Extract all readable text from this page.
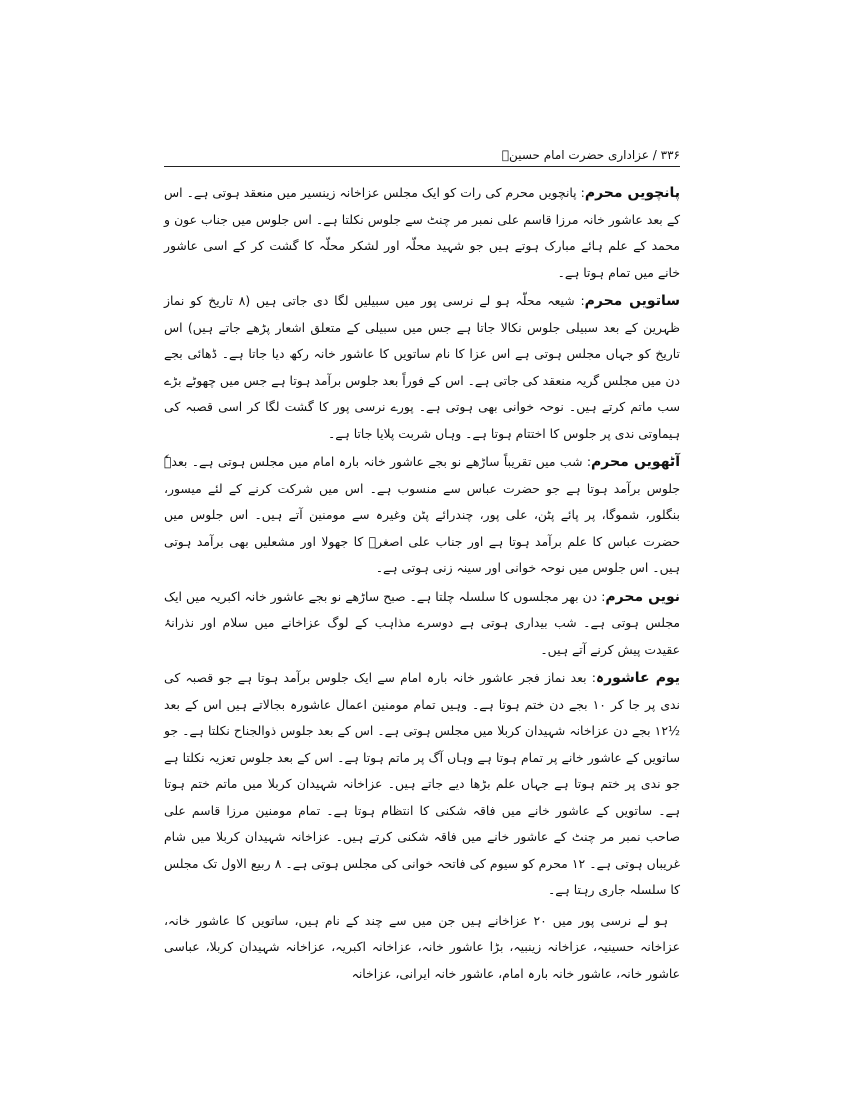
۳۳۶ / عزاداری حضرت امام حسینؑ

پانچویں محرم: پانچویں محرم کی رات کو ایک مجلس عزاخانہ زینسیر میں منعقد ہوتی ہے۔ اس کے بعد عاشور خانہ مرزا قاسم علی نمبر مر چنٹ سے جلوس نکلتا ہے۔ اس جلوس میں جناب عون و محمد کے علم ہائے مبارک ہوتے ہیں جو شہید محلّہ اور لشکر محلّہ کا گشت کر کے اسی عاشور خانے میں تمام ہوتا ہے۔

ساتویں محرم: شیعہ محلّہ ہو لے نرسی پور میں سبیلیں لگا دی جاتی ہیں (۸ تاریخ کو نماز ظہرین کے بعد سبیلی جلوس نکالا جاتا ہے جس میں سبیلی کے متعلق اشعار پڑھے جاتے ہیں) اس تاریخ کو جہاں مجلس ہوتی ہے اس عزا کا نام ساتویں کا عاشور خانہ رکھ دیا جاتا ہے۔ ڈھائی بجے دن میں مجلس گریہ منعقد کی جاتی ہے۔ اس کے فوراً بعد جلوس برآمد ہوتا ہے جس میں چھوٹے بڑے سب ماتم کرتے ہیں۔ نوحہ خوانی بھی ہوتی ہے۔ پورے نرسی پور کا گشت لگا کر اسی قصبہ کی ہیماوتی ندی پر جلوس کا اختتام ہوتا ہے۔ وہاں شربت پلایا جاتا ہے۔

آٹھویں محرم: شب میں تقریباً ساڑھے نو بجے عاشور خانہ بارہ امام میں مجلس ہوتی ہے۔ بعدہٗ جلوس برآمد ہوتا ہے جو حضرت عباس سے منسوب ہے۔ اس میں شرکت کرنے کے لئے میسور، بنگلور، شموگا، پر پائے پٹن، علی پور، چندرائے پٹن وغیرہ سے مومنین آتے ہیں۔ اس جلوس میں حضرت عباس کا علم برآمد ہوتا ہے اور جناب علی اصغرؑ کا جھولا اور مشعلیں بھی برآمد ہوتی ہیں۔ اس جلوس میں نوحہ خوانی اور سینہ زنی ہوتی ہے۔

نویں محرم: دن بھر مجلسوں کا سلسلہ چلتا ہے۔ صبح ساڑھے نو بجے عاشور خانہ اکبریہ میں ایک مجلس ہوتی ہے۔ شب بیداری ہوتی ہے دوسرے مذاہب کے لوگ عزاخانے میں سلام اور نذرانۂ عقیدت پیش کرنے آتے ہیں۔

یوم عاشورہ: بعد نماز فجر عاشور خانہ بارہ امام سے ایک جلوس برآمد ہوتا ہے جو قصبہ کی ندی پر جا کر ۱۰ بجے دن ختم ہوتا ہے۔ وہیں تمام مومنین اعمال عاشورہ بجالاتے ہیں اس کے بعد ½۱۲ بجے دن عزاخانہ شہیدان کربلا میں مجلس ہوتی ہے۔ اس کے بعد جلوس ذوالجناح نکلتا ہے۔ جو ساتویں کے عاشور خانے پر تمام ہوتا ہے وہاں آگ پر ماتم ہوتا ہے۔ اس کے بعد جلوس تعزیہ نکلتا ہے جو ندی پر ختم ہوتا ہے جہاں علم بڑھا دیے جاتے ہیں۔ عزاخانہ شہیدان کربلا میں ماتم ختم ہوتا ہے۔ ساتویں کے عاشور خانے میں فاقہ شکنی کا انتظام ہوتا ہے۔ تمام مومنین مرزا قاسم علی صاحب نمبر مر چنٹ کے عاشور خانے میں فاقہ شکنی کرتے ہیں۔ عزاخانہ شہیدان کربلا میں شام غریباں ہوتی ہے۔ ۱۲ محرم کو سیوم کی فاتحہ خوانی کی مجلس ہوتی ہے۔ ۸ ربیع الاول تک مجلس کا سلسلہ جاری رہتا ہے۔

ہو لے نرسی پور میں ۲۰ عزاخانے ہیں جن میں سے چند کے نام ہیں، ساتویں کا عاشور خانہ، عزاخانہ حسینیہ، عزاخانہ زینبیہ، بڑا عاشور خانہ، عزاخانہ اکبریہ، عزاخانہ شہیدان کربلا، عباسی عاشور خانہ، عاشور خانہ بارہ امام، عاشور خانہ ایرانی، عزاخانہ
